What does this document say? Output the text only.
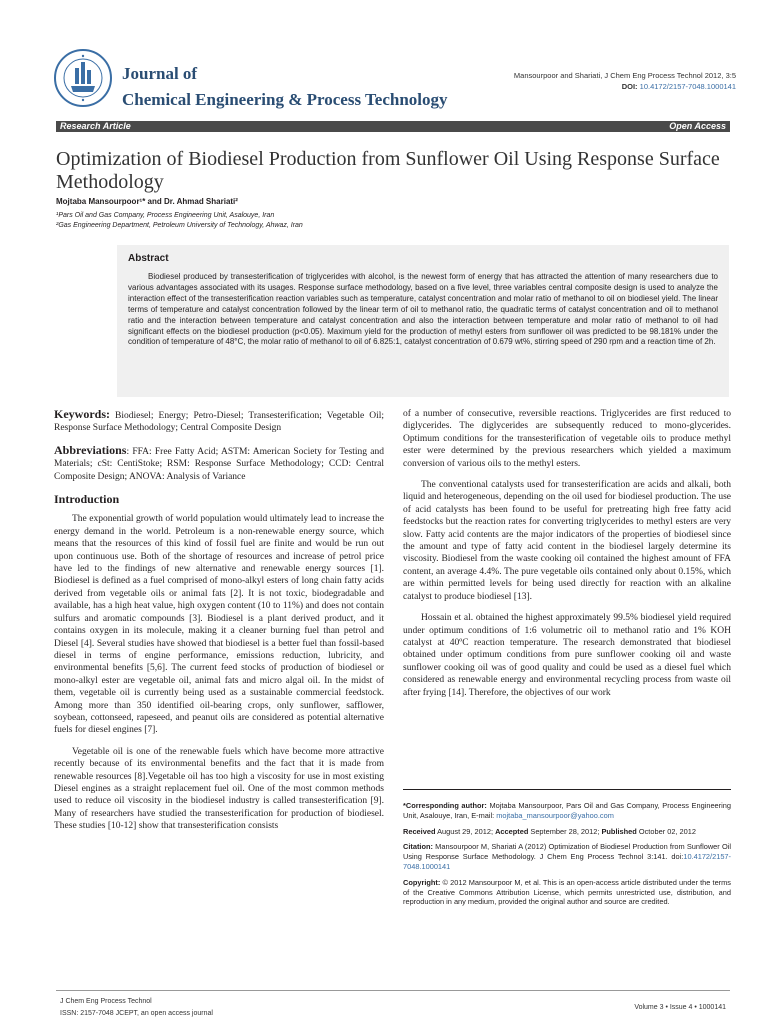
Journal of
Chemical Engineering & Process Technology
Mansourpoor and Shariati, J Chem Eng Process Technol 2012, 3:5
DOI: 10.4172/2157-7048.1000141
Research Article	Open Access
Optimization of Biodiesel Production from Sunflower Oil Using Response Surface Methodology
Mojtaba Mansourpoor¹* and Dr. Ahmad Shariati²
¹Pars Oil and Gas Company, Process Engineering Unit, Asalouye, Iran
²Gas Engineering Department, Petroleum University of Technology, Ahwaz, Iran
Abstract
Biodiesel produced by transesterification of triglycerides with alcohol, is the newest form of energy that has attracted the attention of many researchers due to various advantages associated with its usages. Response surface methodology, based on a five level, three variables central composite design is used to analyze the interaction effect of the transesterification reaction variables such as temperature, catalyst concentration and molar ratio of methanol to oil on biodiesel yield. The linear terms of temperature and catalyst concentration followed by the linear term of oil to methanol ratio, the quadratic terms of catalyst concentration and oil to methanol ratio and the interaction between temperature and catalyst concentration and also the interaction between temperature and molar ratio of methanol to oil had significant effects on the biodiesel production (p<0.05). Maximum yield for the production of methyl esters from sunflower oil was predicted to be 98.181% under the condition of temperature of 48°C, the molar ratio of methanol to oil of 6.825:1, catalyst concentration of 0.679 wt%, stirring speed of 290 rpm and a reaction time of 2h.

Keywords: Biodiesel; Energy; Petro-Diesel; Transesterification; Vegetable Oil; Response Surface Methodology; Central Composite Design

Abbreviations: FFA: Free Fatty Acid; ASTM: American Society for Testing and Materials; cSt: CentiStoke; RSM: Response Surface Methodology; CCD: Central Composite Design; ANOVA: Analysis of Variance

Introduction

The exponential growth of world population would ultimately lead to increase the energy demand in the world. Petroleum is a non-renewable energy source, which means that the resources of this kind of fossil fuel are finite and would be run out upon continuous use. Both of the shortage of resources and increase of petrol price have led to the findings of new alternative and renewable energy sources [1]. Biodiesel is defined as a fuel comprised of mono-alkyl esters of long chain fatty acids derived from vegetable oils or animal fats [2]. It is not toxic, biodegradable and available, has a high heat value, high oxygen content (10 to 11%) and does not contain sulfurs and aromatic compounds [3]. Biodiesel is a plant derived product, and it contains oxygen in its molecule, making it a cleaner burning fuel than petrol and Diesel [4]. Several studies have showed that biodiesel is a better fuel than fossil-based diesel in terms of engine performance, emissions reduction, lubricity, and environmental benefits [5,6]. The current feed stocks of production of biodiesel or mono-alkyl ester are vegetable oil, animal fats and micro algal oil. In the midst of them, vegetable oil is currently being used as a sustainable commercial feedstock. Among more than 350 identified oil-bearing crops, only sunflower, safflower, soybean, cottonseed, rapeseed, and peanut oils are considered as potential alternative fuels for diesel engines [7].

Vegetable oil is one of the renewable fuels which have become more attractive recently because of its environmental benefits and the fact that it is made from renewable resources [8].Vegetable oil has too high a viscosity for use in most existing Diesel engines as a straight replacement fuel oil. One of the most common methods used to reduce oil viscosity in the biodiesel industry is called transesterification [9]. Many of researchers have studied the transesterification for production of biodiesel. These studies [10-12] show that transesterification consists

of a number of consecutive, reversible reactions. Triglycerides are first reduced to diglycerides. The diglycerides are subsequently reduced to mono-glycerides. Optimum conditions for the transesterification of vegetable oils to produce methyl ester were determined by the previous researchers which yielded a maximum conversion of various oils to the methyl esters.

The conventional catalysts used for transesterification are acids and alkali, both liquid and heterogeneous, depending on the oil used for biodiesel production. The use of acid catalysts has been found to be useful for pretreating high free fatty acid feedstocks but the reaction rates for converting triglycerides to methyl esters are very slow. Fatty acid contents are the major indicators of the properties of biodiesel since the amount and type of fatty acid content in the biodiesel largely determine its viscosity. Biodiesel from the waste cooking oil contained the highest amount of FFA content, an average 4.4%. The pure vegetable oils contained only about 0.15%, which are within permitted levels for being used directly for reaction with an alkaline catalyst to produce biodiesel [13].

Hossain et al. obtained the highest approximately 99.5% biodiesel yield required under optimum conditions of 1:6 volumetric oil to methanol ratio and 1% KOH catalyst at 40ºC reaction temperature. The research demonstrated that biodiesel obtained under optimum conditions from pure sunflower cooking oil and waste sunflower cooking oil was of good quality and could be used as a diesel fuel which considered as renewable energy and environmental recycling process from waste oil after frying [14]. Therefore, the objectives of our work

*Corresponding author: Mojtaba Mansourpoor, Pars Oil and Gas Company, Process Engineering Unit, Asalouye, Iran, E-mail: mojtaba_mansourpoor@yahoo.com

Received August 29, 2012; Accepted September 28, 2012; Published October 02, 2012

Citation: Mansourpoor M, Shariati A (2012) Optimization of Biodiesel Production from Sunflower Oil Using Response Surface Methodology. J Chem Eng Process Technol 3:141. doi:10.4172/2157-7048.1000141

Copyright: © 2012 Mansourpoor M, et al. This is an open-access article distributed under the terms of the Creative Commons Attribution License, which permits unrestricted use, distribution, and reproduction in any medium, provided the original author and source are credited.

J Chem Eng Process Technol
ISSN: 2157-7048 JCEPT, an open access journal
Volume 3 • Issue 4 • 1000141
